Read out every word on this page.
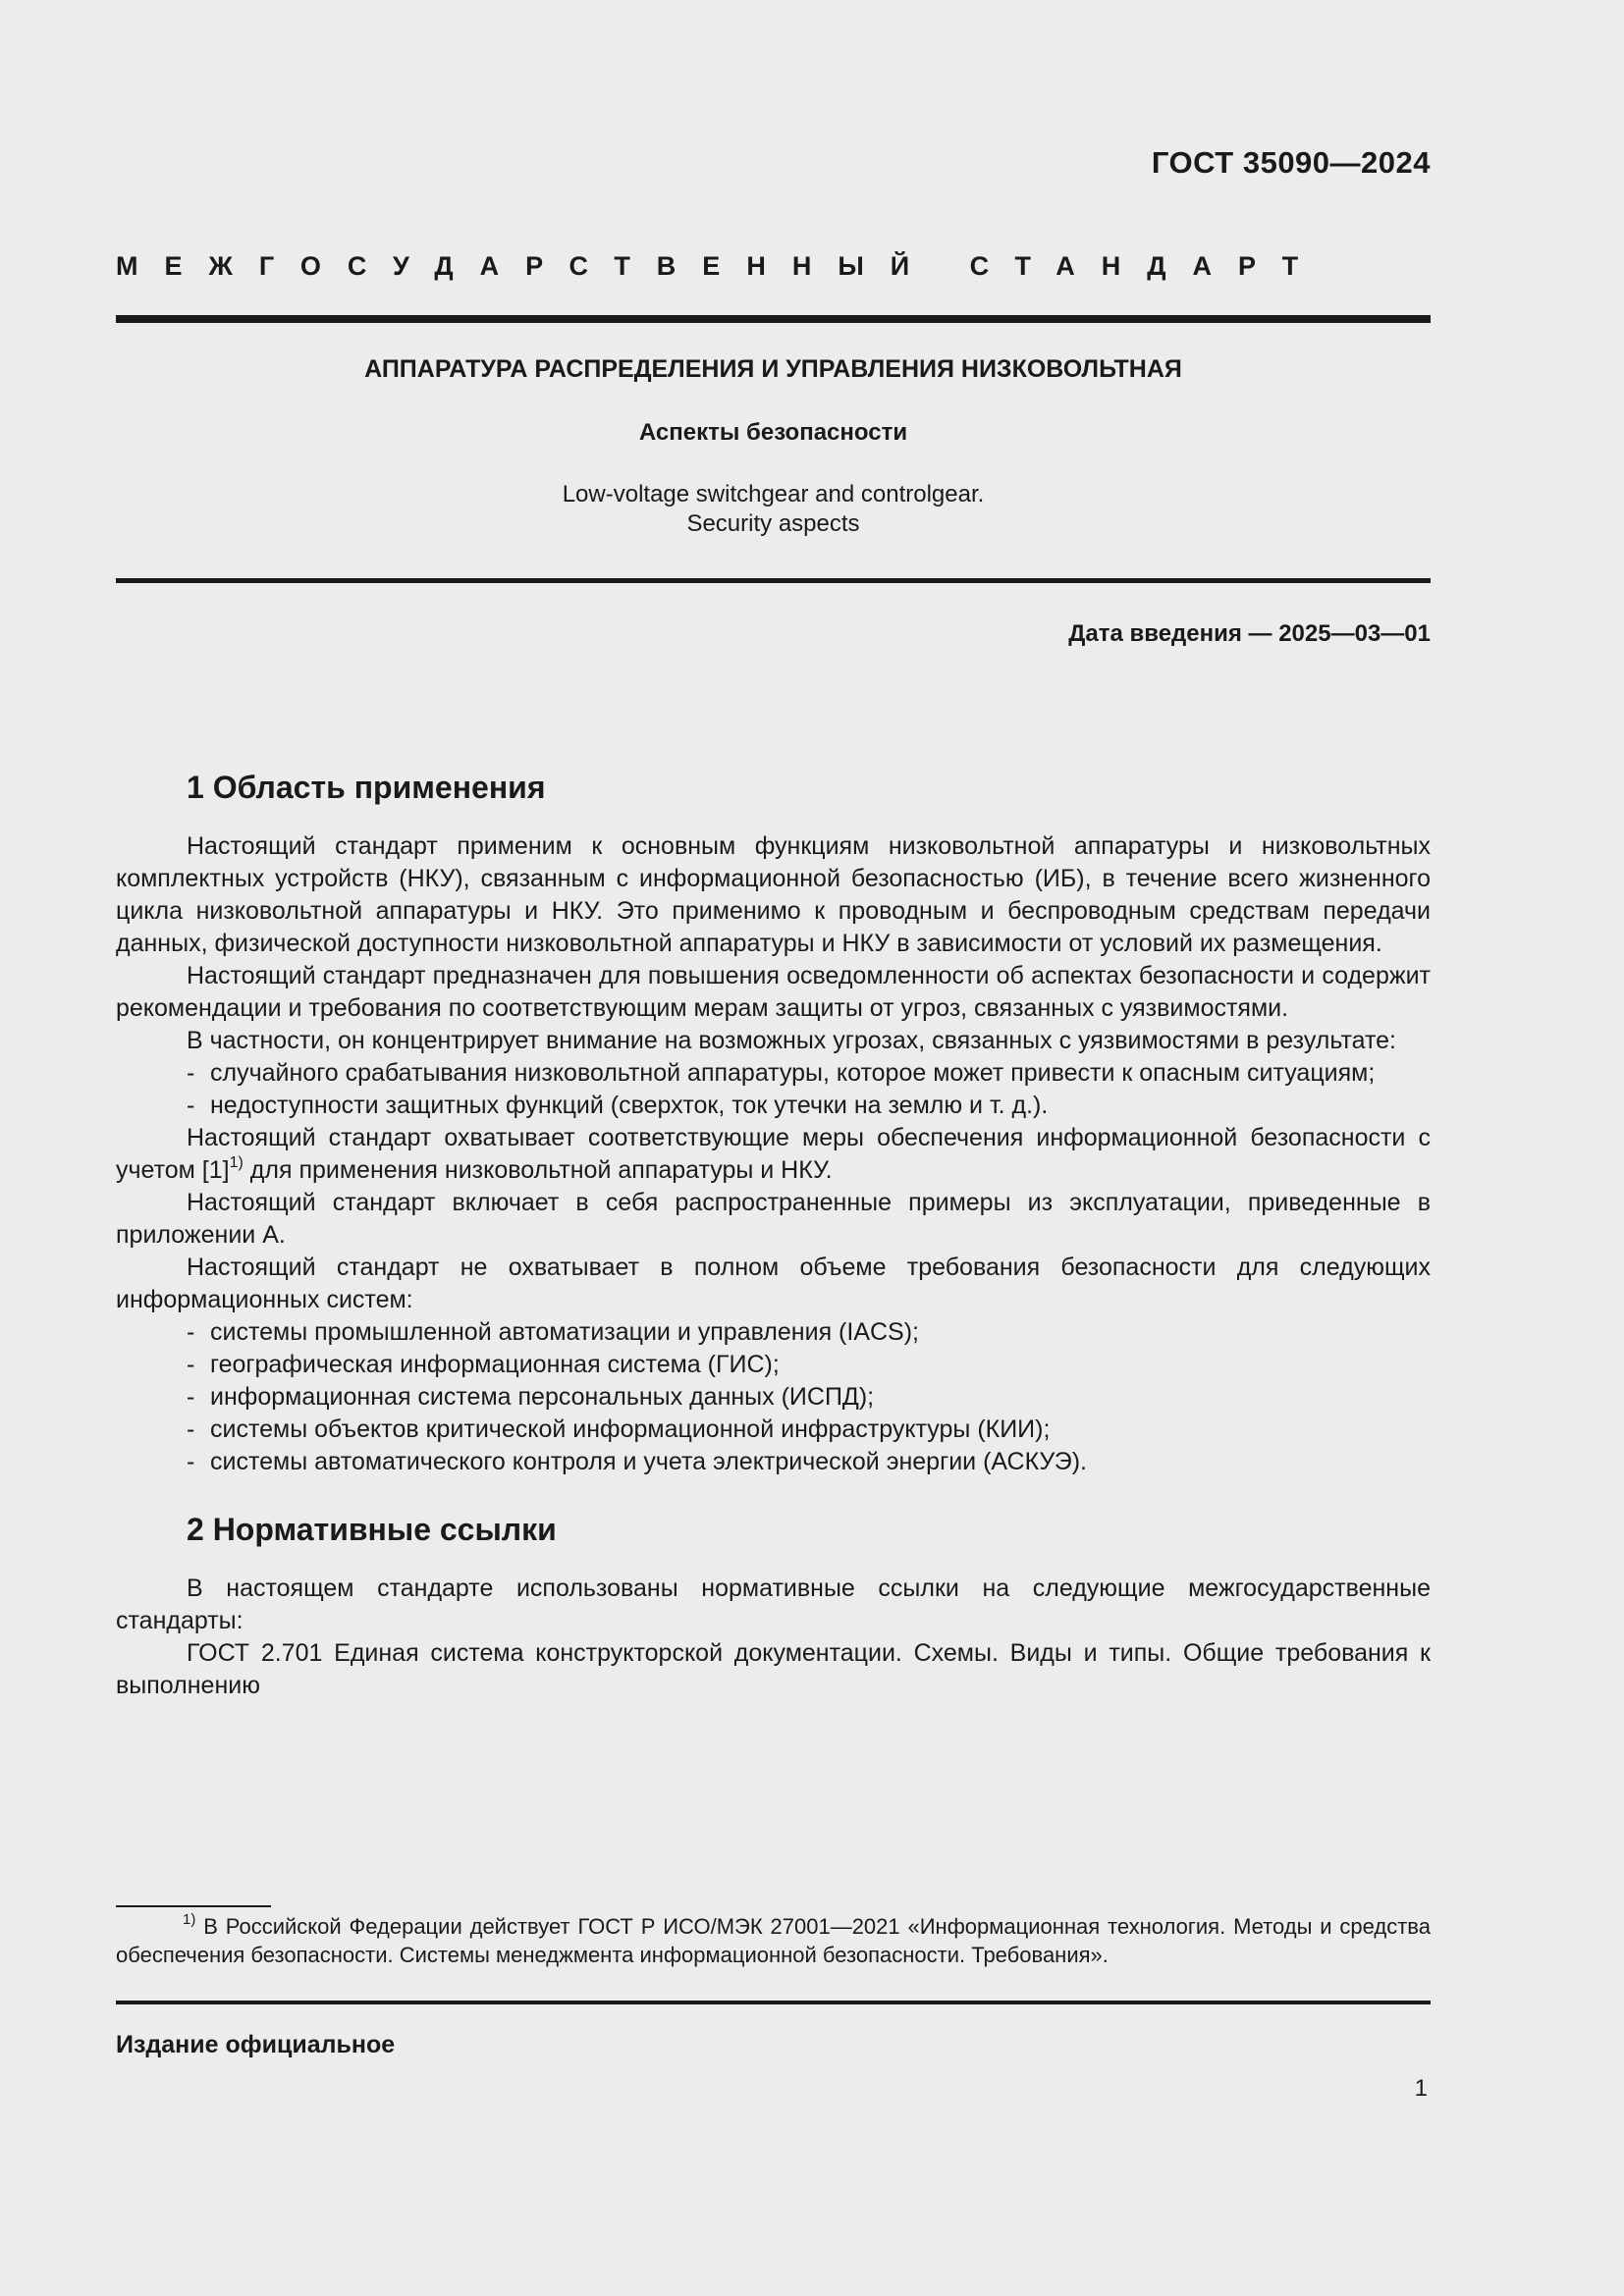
ГОСТ 35090—2024
МЕЖГОСУДАРСТВЕННЫЙ СТАНДАРТ
АППАРАТУРА РАСПРЕДЕЛЕНИЯ И УПРАВЛЕНИЯ НИЗКОВОЛЬТНАЯ
Аспекты безопасности
Low-voltage switchgear and controlgear.
Security aspects
Дата введения — 2025—03—01
1 Область применения

Настоящий стандарт применим к основным функциям низковольтной аппаратуры и низковольтных комплектных устройств (НКУ), связанным с информационной безопасностью (ИБ), в течение всего жизненного цикла низковольтной аппаратуры и НКУ. Это применимо к проводным и беспроводным средствам передачи данных, физической доступности низковольтной аппаратуры и НКУ в зависимости от условий их размещения.

Настоящий стандарт предназначен для повышения осведомленности об аспектах безопасности и содержит рекомендации и требования по соответствующим мерам защиты от угроз, связанных с уязвимостями.

В частности, он концентрирует внимание на возможных угрозах, связанных с уязвимостями в результате:

- случайного срабатывания низковольтной аппаратуры, которое может привести к опасным ситуациям;
- недоступности защитных функций (сверхток, ток утечки на землю и т. д.).

Настоящий стандарт охватывает соответствующие меры обеспечения информационной безопасности с учетом $[1]^{1)}$ для применения низковольтной аппаратуры и НКУ.

Настоящий стандарт включает в себя распространенные примеры из эксплуатации, приведенные в приложении А.

Настоящий стандарт не охватывает в полном объеме требования безопасности для следующих информационных систем:

- системы промышленной автоматизации и управления (IACS);
- географическая информационная система (ГИС);
- информационная система персональных данных (ИСПД);
- системы объектов критической информационной инфраструктуры (КИИ);
- системы автоматического контроля и учета электрической энергии (АСКУЭ).
2 Нормативные ссылки

В настоящем стандарте использованы нормативные ссылки на следующие межгосударственные стандарты:

ГОСТ 2.701 Единая система конструкторской документации. Схемы. Виды и типы. Общие требования к выполнению

$^{1)}$ В Российской Федерации действует ГОСТ Р ИСО/МЭК 27001—2021 «Информационная технология. Методы и средства обеспечения безопасности. Системы менеджмента информационной безопасности. Требования».
Издание официальное
1
